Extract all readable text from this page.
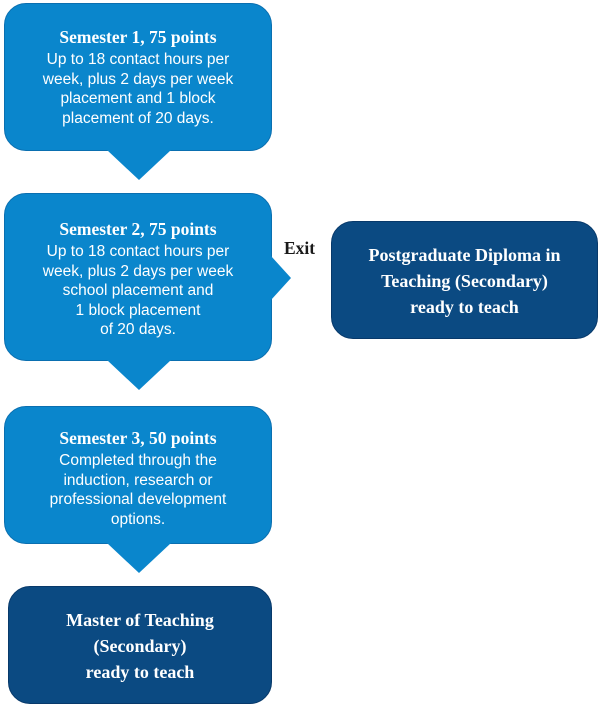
Semester 1, 75 points
Up to 18 contact hours per
week, plus 2 days per week
placement and 1 block
placement of 20 days.
Semester 2, 75 points
Up to 18 contact hours per
week, plus 2 days per week
school placement and
1 block placement
of 20 days.
Exit	Postgraduate Diploma in
Teaching (Secondary)
ready to teach
Semester 3, 50 points
Completed through the
induction, research or
professional development
options.
Master of Teaching
(Secondary)
ready to teach
